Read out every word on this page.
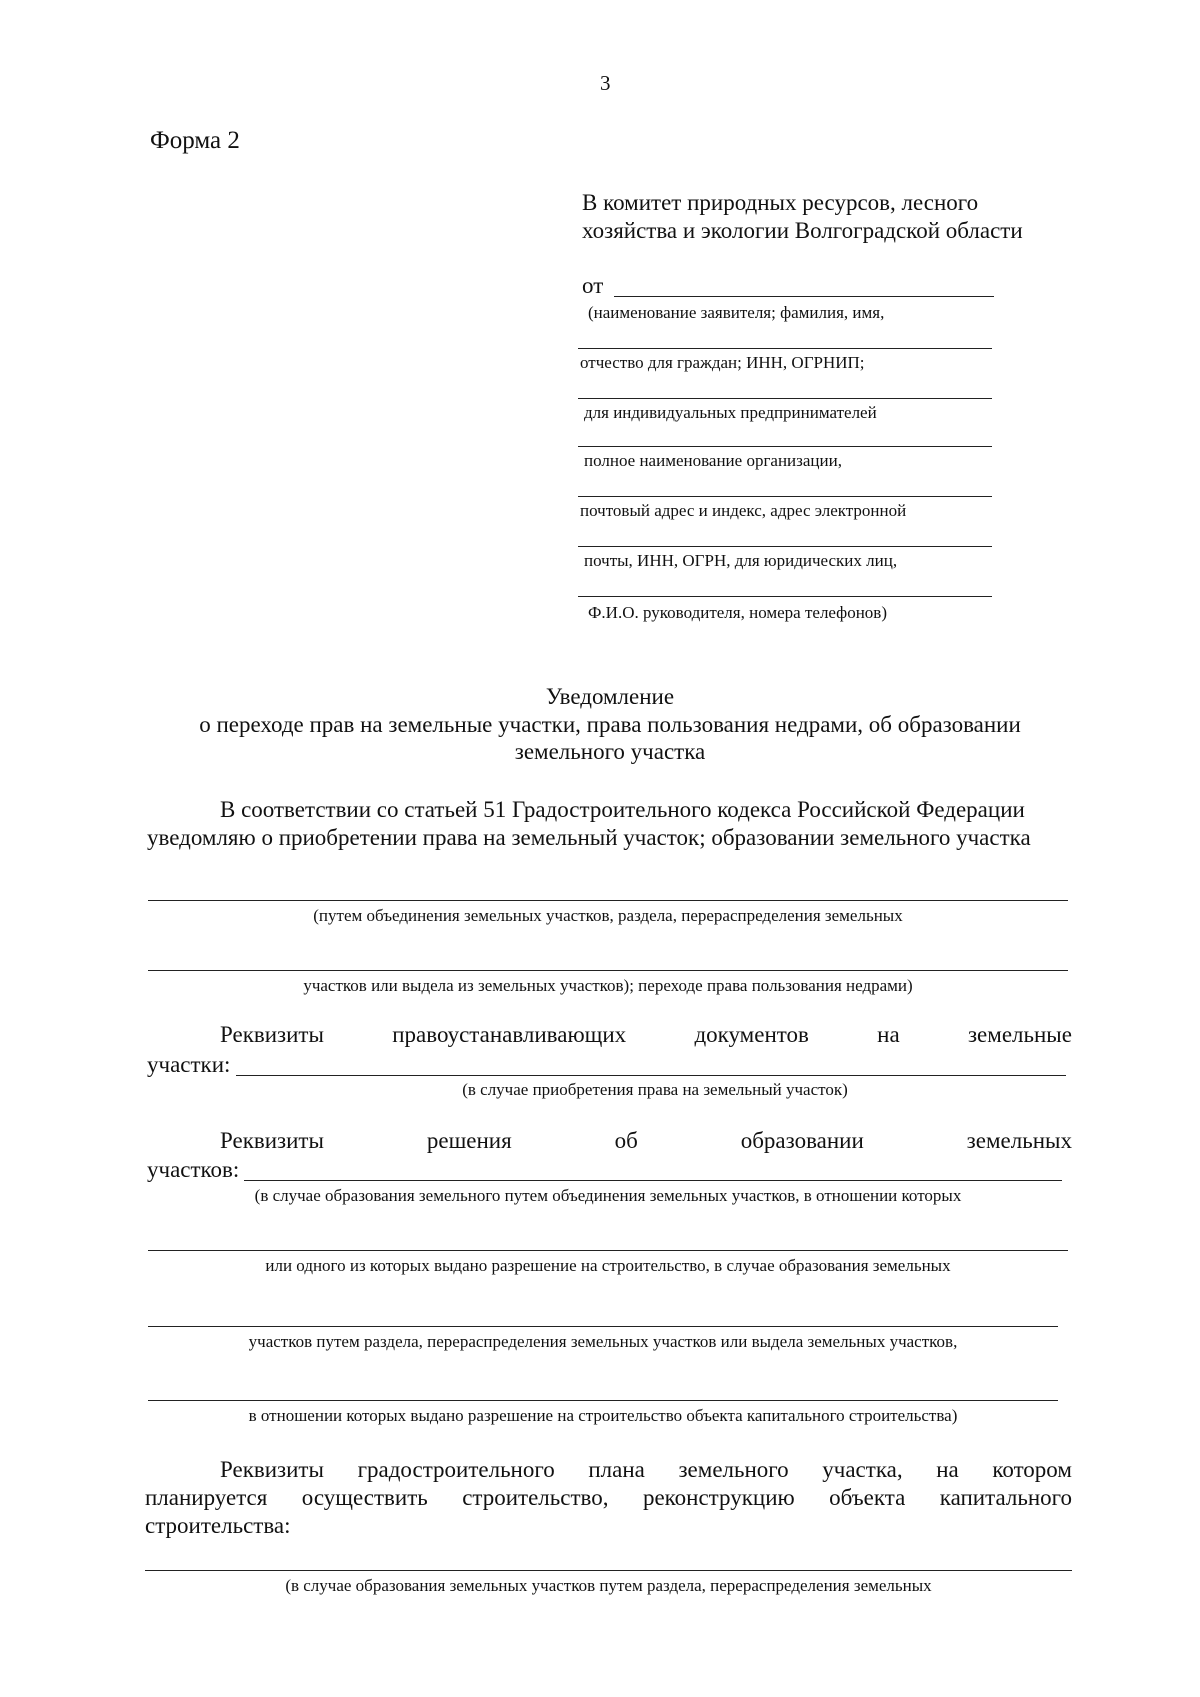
3
Форма 2
В комитет природных ресурсов, лесного
хозяйства и экологии Волгоградской области
от
(наименование заявителя; фамилия, имя,
отчество для граждан; ИНН, ОГРНИП;
для индивидуальных предпринимателей
полное наименование организации,
почтовый адрес и индекс, адрес электронной
почты, ИНН, ОГРН, для юридических лиц,
Ф.И.О. руководителя, номера телефонов)
Уведомление
о переходе прав на земельные участки, права пользования недрами, об образовании
земельного участка
В соответствии со статьей 51 Градостроительного кодекса Российской Федерации
уведомляю о приобретении права на земельный участок; образовании земельного участка
(путем объединения земельных участков, раздела, перераспределения земельных
участков или выдела из земельных участков); переходе права пользования недрами)
Реквизиты	правоустанавливающих	документов	на	земельные
участки:
(в случае приобретения права на земельный участок)
Реквизиты	решения	об	образовании	земельных
участков:
(в случае образования земельного путем объединения земельных участков, в отношении которых
или одного из которых выдано разрешение на строительство, в случае образования земельных
участков путем раздела, перераспределения земельных участков или выдела земельных участков,
в отношении которых выдано разрешение на строительство объекта капитального строительства)
Реквизиты градостроительного плана земельного участка, на котором
планируется осуществить строительство, реконструкцию объекта капитального
строительства:
(в случае образования земельных участков путем раздела, перераспределения земельных
